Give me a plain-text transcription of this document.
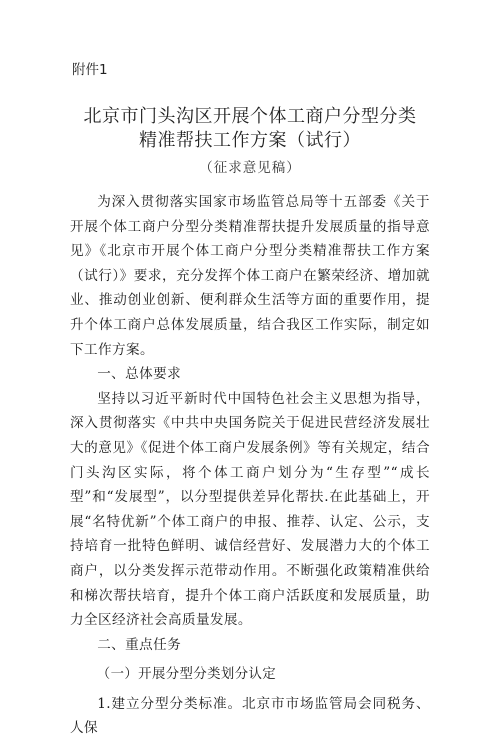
附件1
北京市门头沟区开展个体工商户分型分类
精准帮扶工作方案（试行）
（征求意见稿）

为深入贯彻落实国家市场监管总局等十五部委《关于开展个体工商户分型分类精准帮扶提升发展质量的指导意见》《北京市开展个体工商户分型分类精准帮扶工作方案（试行）》要求，充分发挥个体工商户在繁荣经济、增加就业、推动创业创新、便利群众生活等方面的重要作用，提升个体工商户总体发展质量，结合我区工作实际，制定如下工作方案。

一、总体要求

坚持以习近平新时代中国特色社会主义思想为指导，深入贯彻落实《中共中央国务院关于促进民营经济发展壮大的意见》《促进个体工商户发展条例》等有关规定，结合门头沟区实际，将个体工商户划分为“生存型”“成长型”和“发展型”，以分型提供差异化帮扶.在此基础上，开展“名特优新”个体工商户的申报、推荐、认定、公示，支持培育一批特色鲜明、诚信经营好、发展潜力大的个体工商户，以分类发挥示范带动作用。不断强化政策精准供给和梯次帮扶培育，提升个体工商户活跃度和发展质量，助力全区经济社会高质量发展。

二、重点任务

（一）开展分型分类划分认定

1.建立分型分类标准。北京市市场监管局会同税务、人保
